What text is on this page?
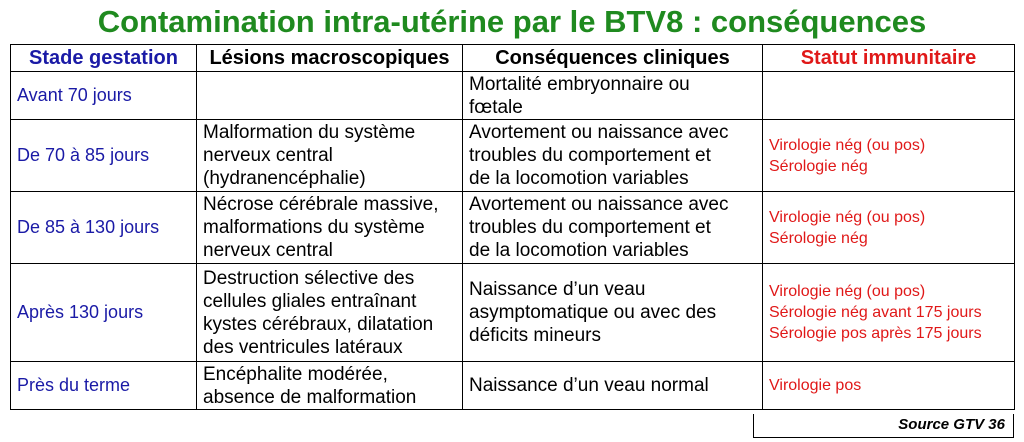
Contamination intra-utérine par le BTV8 : conséquences
Stade gestation	Lésions macroscopiques	Conséquences cliniques	Statut immunitaire
Avant 70 jours		Mortalité embryonnaire ou
fœtale	

De 70 à 85 jours	Malformation du système
nerveux central
(hydranencéphalie)	Avortement ou naissance avec
troubles du comportement et
de la locomotion variables	Virologie nég (ou pos)
Sérologie nég

De 85 à 130 jours	Nécrose cérébrale massive,
malformations du système
nerveux central	Avortement ou naissance avec
troubles du comportement et
de la locomotion variables	Virologie nég (ou pos)
Sérologie nég

Après 130 jours	Destruction sélective des
cellules gliales entraînant
kystes cérébraux, dilatation
des ventricules latéraux	Naissance d’un veau
asymptomatique ou avec des
déficits mineurs	Virologie nég (ou pos)
Sérologie nég avant 175 jours
Sérologie pos après 175 jours

Près du terme	Encéphalite modérée,
absence de malformation	Naissance d’un veau normal	Virologie pos
Source GTV 36
